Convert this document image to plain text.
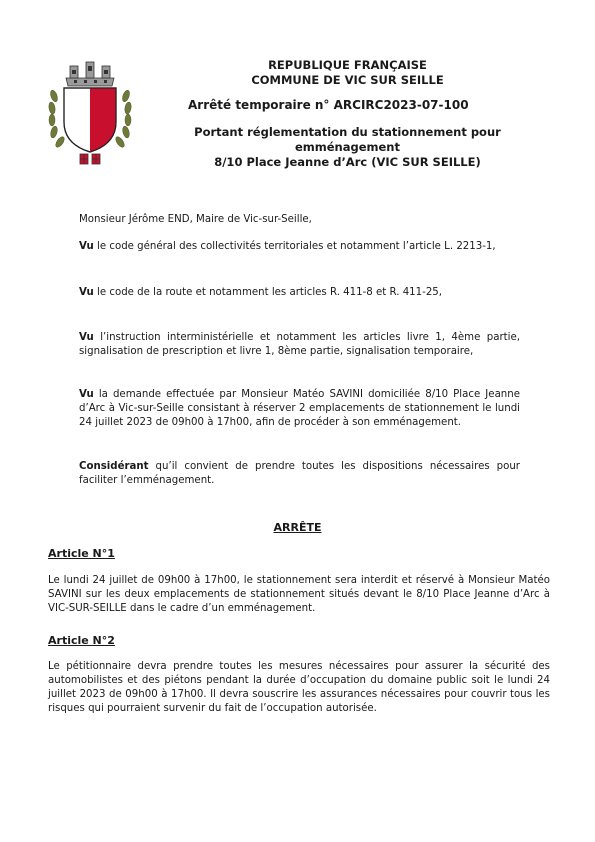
REPUBLIQUE FRANÇAISE
COMMUNE DE VIC SUR SEILLE
Arrêté temporaire n° ARCIRC2023-07-100
Portant réglementation du stationnement pour
emménagement
8/10 Place Jeanne d’Arc (VIC SUR SEILLE)
Monsieur Jérôme END, Maire de Vic-sur-Seille,
Vu le code général des collectivités territoriales et notamment l’article L. 2213-1,
Vu le code de la route et notamment les articles R. 411-8 et R. 411-25,
Vu l’instruction interministérielle et notamment les articles livre 1, 4ème partie, signalisation de prescription et livre 1, 8ème partie, signalisation temporaire,
Vu la demande effectuée par Monsieur Matéo SAVINI domiciliée 8/10 Place Jeanne d’Arc à Vic-sur-Seille consistant à réserver 2 emplacements de stationnement le lundi 24 juillet 2023 de 09h00 à 17h00, afin de procéder à son emménagement.
Considérant qu’il convient de prendre toutes les dispositions nécessaires pour faciliter l’emménagement.
ARRÊTE
Article N°1
Le lundi 24 juillet de 09h00 à 17h00, le stationnement sera interdit et réservé à Monsieur Matéo SAVINI sur les deux emplacements de stationnement situés devant le 8/10 Place Jeanne d’Arc à VIC-SUR-SEILLE dans le cadre d’un emménagement.
Article N°2
Le pétitionnaire devra prendre toutes les mesures nécessaires pour assurer la sécurité des automobilistes et des piétons pendant la durée d’occupation du domaine public soit le lundi 24 juillet 2023 de 09h00 à 17h00. Il devra souscrire les assurances nécessaires pour couvrir tous les risques qui pourraient survenir du fait de l’occupation autorisée.
